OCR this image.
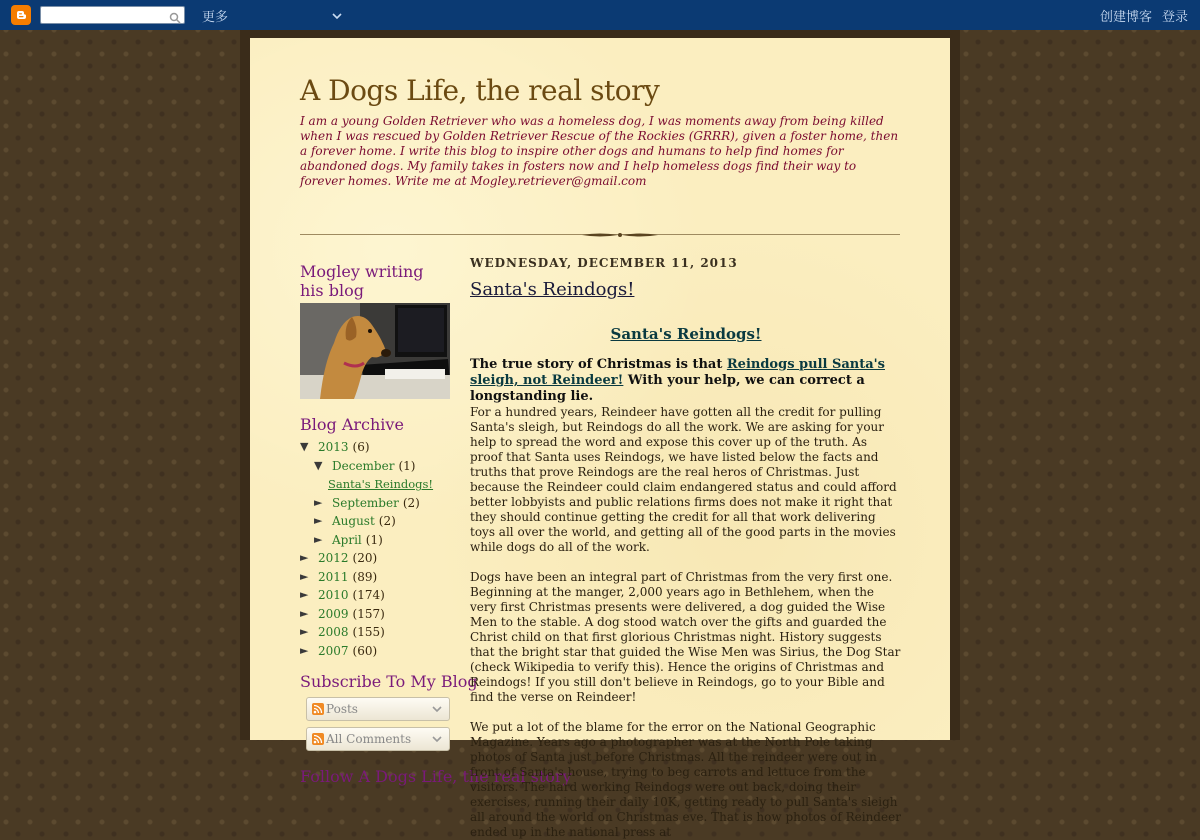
更多	创建博客 登录
A Dogs Life, the real story

I am a young Golden Retriever who was a homeless dog, I was moments away from being killed when I was rescued by Golden Retriever Rescue of the Rockies (GRRR), given a foster home, then a forever home. I write this blog to inspire other dogs and humans to help find homes for abandoned dogs. My family takes in fosters now and I help homeless dogs find their way to forever homes. Write me at Mogley.retriever@gmail.com

Mogley writing his blog
Blog Archive
▼ 2013 (6)
▼ December (1)
Santa's Reindogs!
► September (2)
► August (2)
► April (1)
► 2012 (20)
► 2011 (89)
► 2010 (174)
► 2009 (157)
► 2008 (155)
► 2007 (60)
Subscribe To My Blog
Posts
All Comments
Follow A Dogs Life, the real story
WEDNESDAY, DECEMBER 11, 2013
Santa's Reindogs!
Santa's Reindogs!

The true story of Christmas is that Reindogs pull Santa's sleigh, not Reindeer! With your help, we can correct a longstanding lie.

For a hundred years, Reindeer have gotten all the credit for pulling Santa's sleigh, but Reindogs do all the work. We are asking for your help to spread the word and expose this cover up of the truth. As proof that Santa uses Reindogs, we have listed below the facts and truths that prove Reindogs are the real heros of Christmas. Just because the Reindeer could claim endangered status and could afford better lobbyists and public relations firms does not make it right that they should continue getting the credit for all that work delivering toys all over the world, and getting all of the good parts in the movies while dogs do all of the work.

Dogs have been an integral part of Christmas from the very first one. Beginning at the manger, 2,000 years ago in Bethlehem, when the very first Christmas presents were delivered, a dog guided the Wise Men to the stable. A dog stood watch over the gifts and guarded the Christ child on that first glorious Christmas night. History suggests that the bright star that guided the Wise Men was Sirius, the Dog Star (check Wikipedia to verify this). Hence the origins of Christmas and Reindogs! If you still don't believe in Reindogs, go to your Bible and find the verse on Reindeer!

We put a lot of the blame for the error on the National Geographic Magazine. Years ago a photographer was at the North Pole taking photos of Santa just before Christmas. All the reindeer were out in front of Santa's house, trying to beg carrots and lettuce from the visitors. The hard working Reindogs were out back, doing their exercises, running their daily 10K, getting ready to pull Santa's sleigh all around the world on Christmas eve. That is how photos of Reindeer ended up in the national press at
